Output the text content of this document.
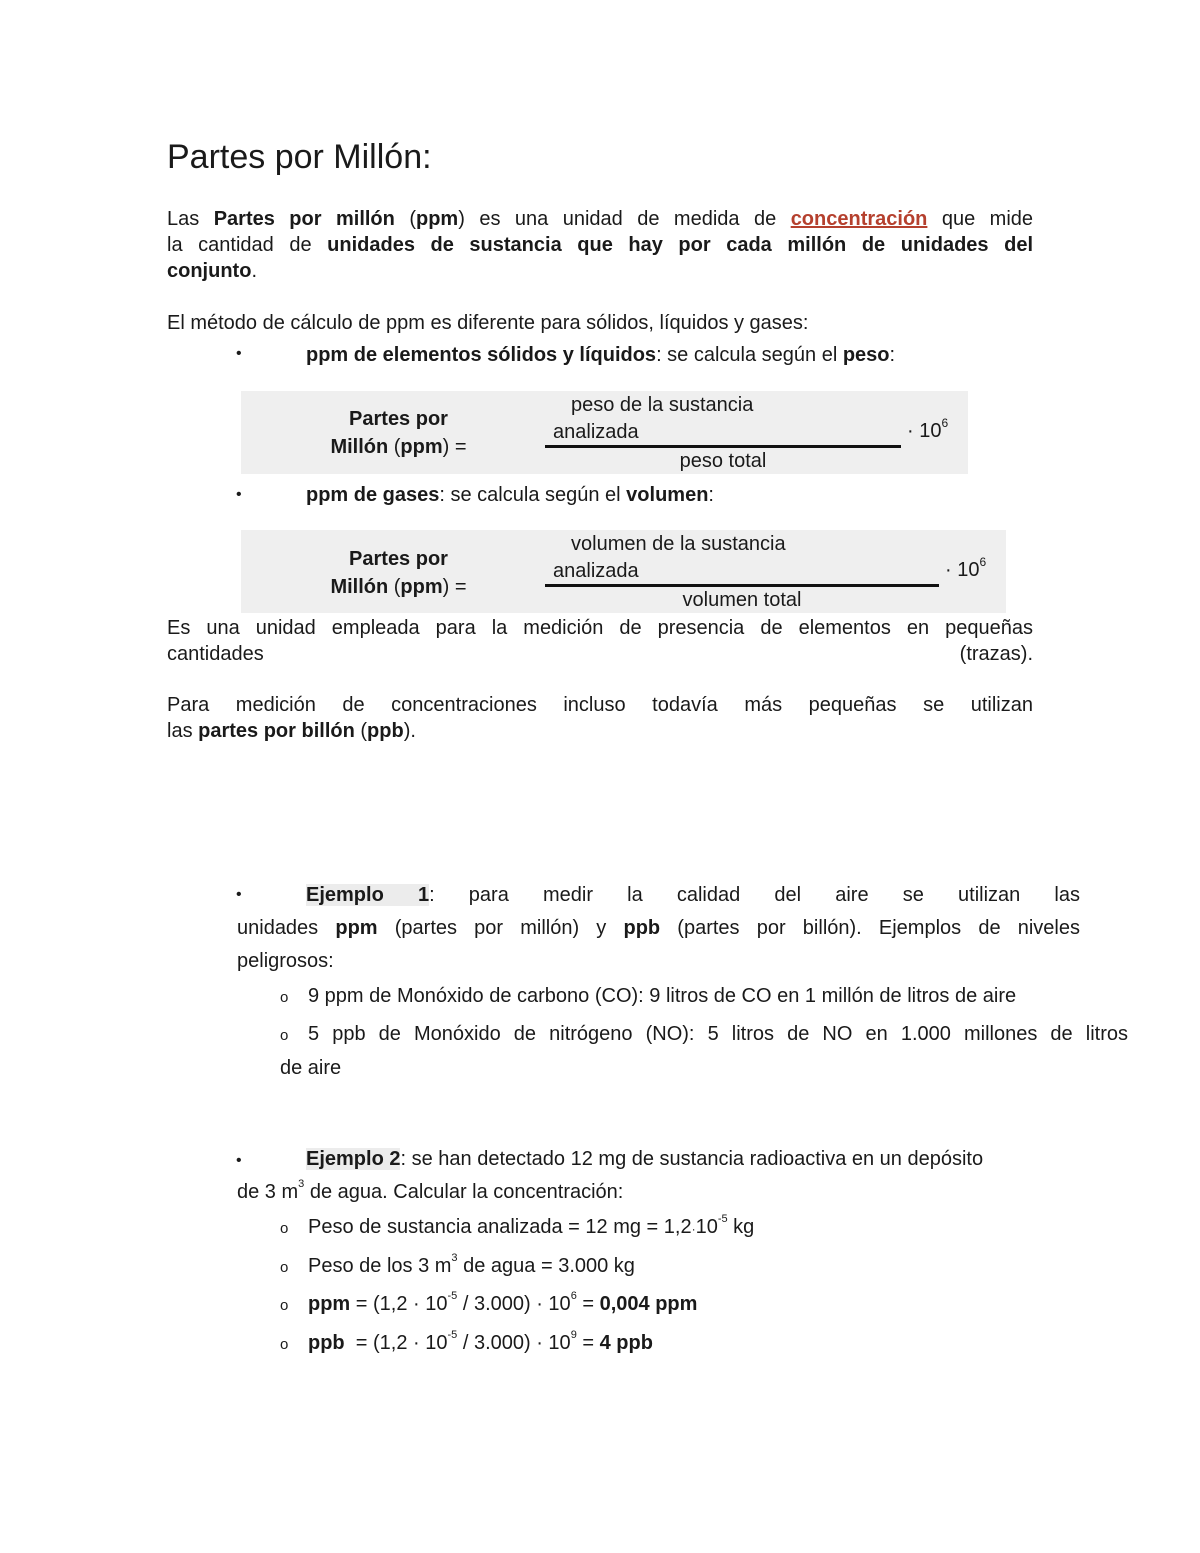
Partes por Millón:
Las Partes por millón (ppm) es una unidad de medida de concentración que mide
la cantidad de unidades de sustancia que hay por cada millón de unidades del
conjunto.
El método de cálculo de ppm es diferente para sólidos, líquidos y gases:
•	ppm de elementos sólidos y líquidos: se calcula según el peso:
Partes por
Millón (ppm) =
peso de la sustancia
analizada
peso total
· $10^6$
•	ppm de gases: se calcula según el volumen:
Partes por
Millón (ppm) =
volumen de la sustancia
analizada
volumen total
· $10^6$
Es una unidad empleada para la medición de presencia de elementos en pequeñas
cantidades	(trazas).
Para medición de concentraciones incluso todavía más pequeñas se utilizan
las partes por billón (ppb).
•	Ejemplo 1: para medir la calidad del aire se utilizan las
unidades ppm (partes por millón) y ppb (partes por billón). Ejemplos de niveles
peligrosos:
o 9 ppm de Monóxido de carbono (CO): 9 litros de CO en 1 millón de litros de aire
o 5 ppb de Monóxido de nitrógeno (NO): 5 litros de NO en 1.000 millones de litros
de aire
•	Ejemplo 2: se han detectado 12 mg de sustancia radioactiva en un depósito
de 3 $m^3$ de agua. Calcular la concentración:
o Peso de sustancia analizada = 12 mg = $1,2\cdot 10^{-5}$ kg
o Peso de los 3 $m^3$ de agua = 3.000 kg
o ppm = $(1,2 \cdot 10^{-5} / 3.000) \cdot 10^6 = 0,004$ ppm
o ppb  = $(1,2 \cdot 10^{-5} / 3.000) \cdot 10^9 = 4$ ppb
